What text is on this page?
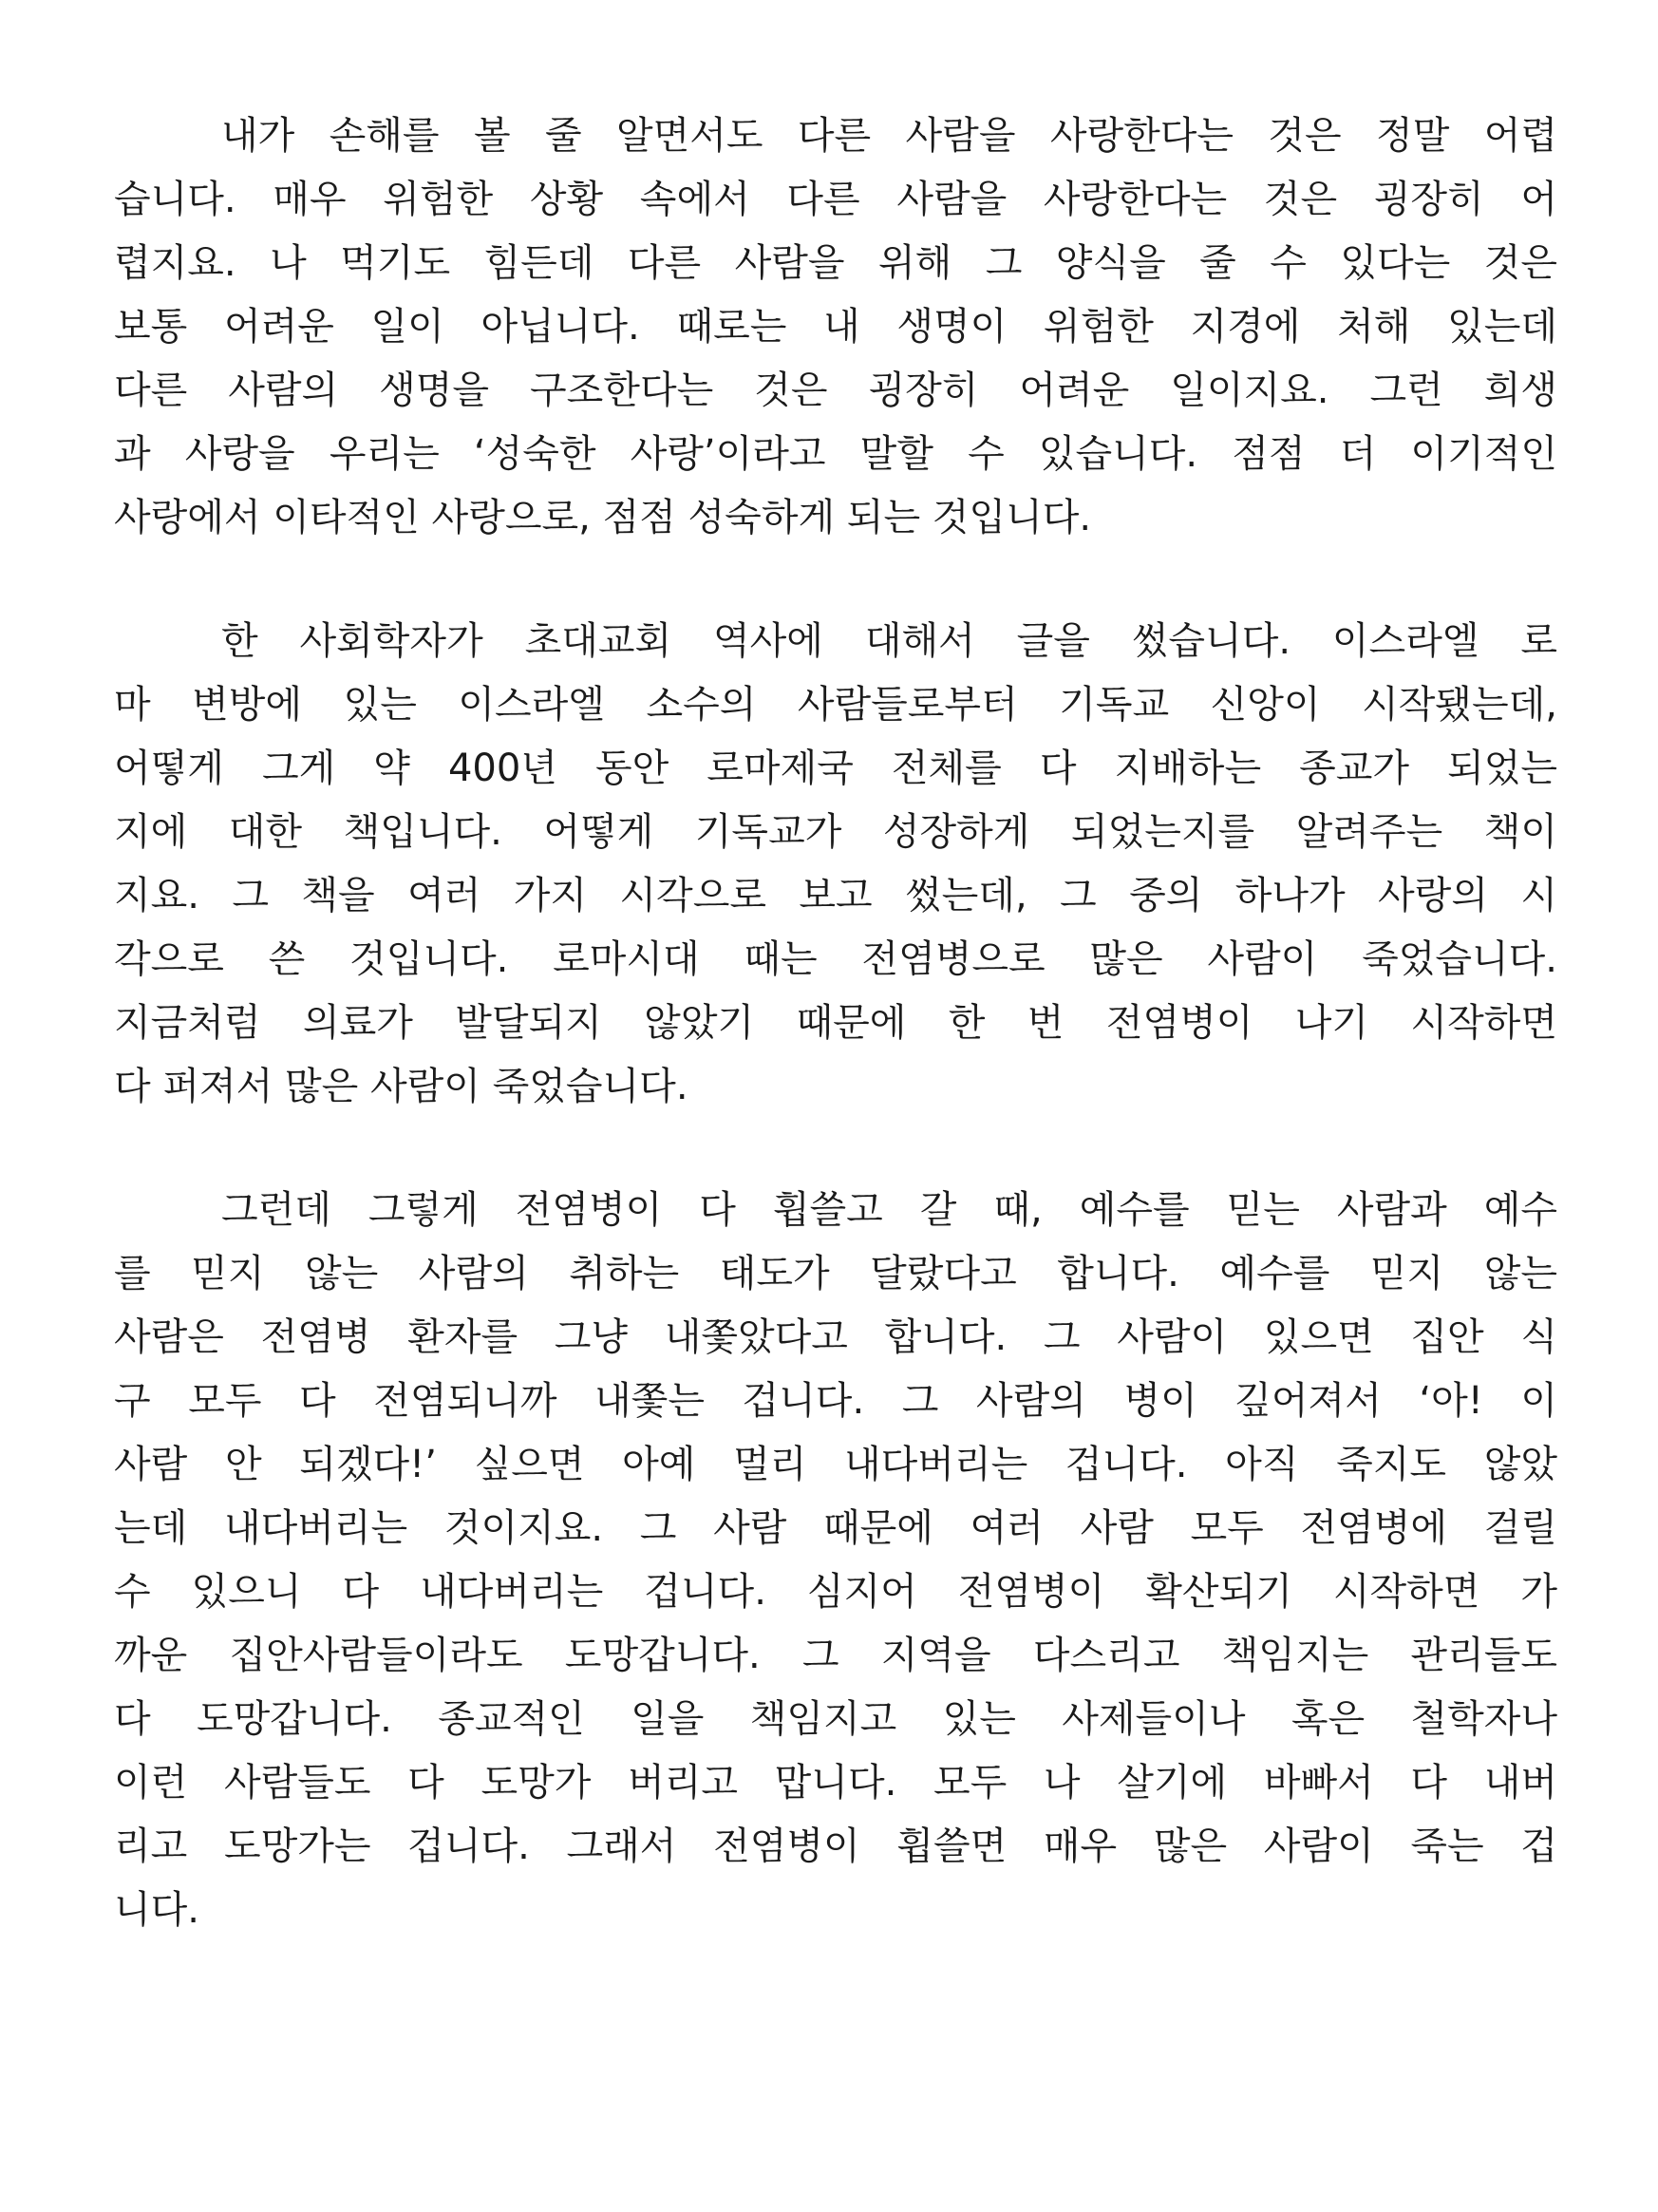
내가 손해를 볼 줄 알면서도 다른 사람을 사랑한다는 것은 정말 어렵
습니다. 매우 위험한 상황 속에서 다른 사람을 사랑한다는 것은 굉장히 어
렵지요. 나 먹기도 힘든데 다른 사람을 위해 그 양식을 줄 수 있다는 것은
보통 어려운 일이 아닙니다. 때로는 내 생명이 위험한 지경에 처해 있는데
다른 사람의 생명을 구조한다는 것은 굉장히 어려운 일이지요. 그런 희생
과 사랑을 우리는 ‘성숙한 사랑’이라고 말할 수 있습니다. 점점 더 이기적인
사랑에서 이타적인 사랑으로, 점점 성숙하게 되는 것입니다.
한 사회학자가 초대교회 역사에 대해서 글을 썼습니다. 이스라엘 로
마 변방에 있는 이스라엘 소수의 사람들로부터 기독교 신앙이 시작됐는데,
어떻게 그게 약 400년 동안 로마제국 전체를 다 지배하는 종교가 되었는
지에 대한 책입니다. 어떻게 기독교가 성장하게 되었는지를 알려주는 책이
지요. 그 책을 여러 가지 시각으로 보고 썼는데, 그 중의 하나가 사랑의 시
각으로 쓴 것입니다. 로마시대 때는 전염병으로 많은 사람이 죽었습니다.
지금처럼 의료가 발달되지 않았기 때문에 한 번 전염병이 나기 시작하면
다 퍼져서 많은 사람이 죽었습니다.
그런데 그렇게 전염병이 다 휩쓸고 갈 때, 예수를 믿는 사람과 예수
를 믿지 않는 사람의 취하는 태도가 달랐다고 합니다. 예수를 믿지 않는
사람은 전염병 환자를 그냥 내쫓았다고 합니다. 그 사람이 있으면 집안 식
구 모두 다 전염되니까 내쫓는 겁니다. 그 사람의 병이 깊어져서 ‘아! 이
사람 안 되겠다!’ 싶으면 아예 멀리 내다버리는 겁니다. 아직 죽지도 않았
는데 내다버리는 것이지요. 그 사람 때문에 여러 사람 모두 전염병에 걸릴
수 있으니 다 내다버리는 겁니다. 심지어 전염병이 확산되기 시작하면 가
까운 집안사람들이라도 도망갑니다. 그 지역을 다스리고 책임지는 관리들도
다 도망갑니다. 종교적인 일을 책임지고 있는 사제들이나 혹은 철학자나
이런 사람들도 다 도망가 버리고 맙니다. 모두 나 살기에 바빠서 다 내버
리고 도망가는 겁니다. 그래서 전염병이 휩쓸면 매우 많은 사람이 죽는 겁
니다.
